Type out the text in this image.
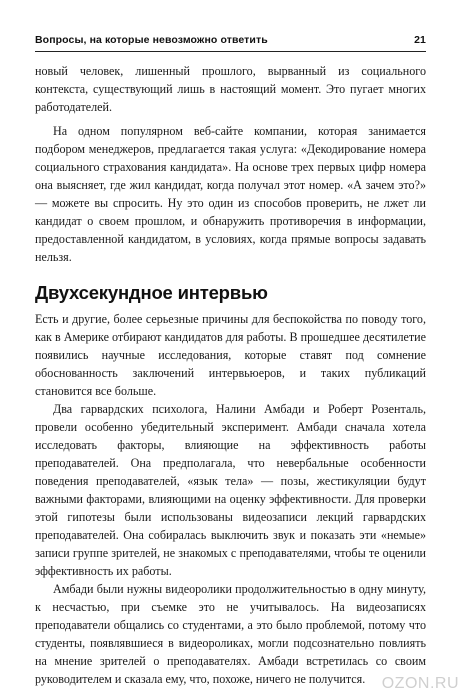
Вопросы, на которые невозможно ответить	21

новый человек, лишенный прошлого, вырванный из социального контекста, существующий лишь в настоящий момент. Это пугает многих работодателей.

На одном популярном веб-сайте компании, которая занимается подбором менеджеров, предлагается такая услуга: «Декодирование номера социального страхования кандидата». На основе трех первых цифр номера она выясняет, где жил кандидат, когда получал этот номер. «А зачем это?» — можете вы спросить. Ну это один из способов проверить, не лжет ли кандидат о своем прошлом, и обнаружить противоречия в информации, предоставленной кандидатом, в условиях, когда прямые вопросы задавать нельзя.

Двухсекундное интервью

Есть и другие, более серьезные причины для беспокойства по поводу того, как в Америке отбирают кандидатов для работы. В прошедшее десятилетие появились научные исследования, которые ставят под сомнение обоснованность заключений интервьюеров, и таких публикаций становится все больше.

Два гарвардских психолога, Налини Амбади и Роберт Розенталь, провели особенно убедительный эксперимент. Амбади сначала хотела исследовать факторы, влияющие на эффективность работы преподавателей. Она предполагала, что невербальные особенности поведения преподавателей, «язык тела» — позы, жестикуляции будут важными факторами, влияющими на оценку эффективности. Для проверки этой гипотезы были использованы видеозаписи лекций гарвардских преподавателей. Она собиралась выключить звук и показать эти «немые» записи группе зрителей, не знакомых с преподавателями, чтобы те оценили эффективность их работы.

Амбади были нужны видеоролики продолжительностью в одну минуту, к несчастью, при съемке это не учитывалось. На видеозаписях преподаватели общались со студентами, а это было проблемой, потому что студенты, появлявшиеся в видеороликах, могли подсознательно повлиять на мнение зрителей о преподавателях. Амбади встретилась со своим руководителем и сказала ему, что, похоже, ничего не получится.	OZON.RU
